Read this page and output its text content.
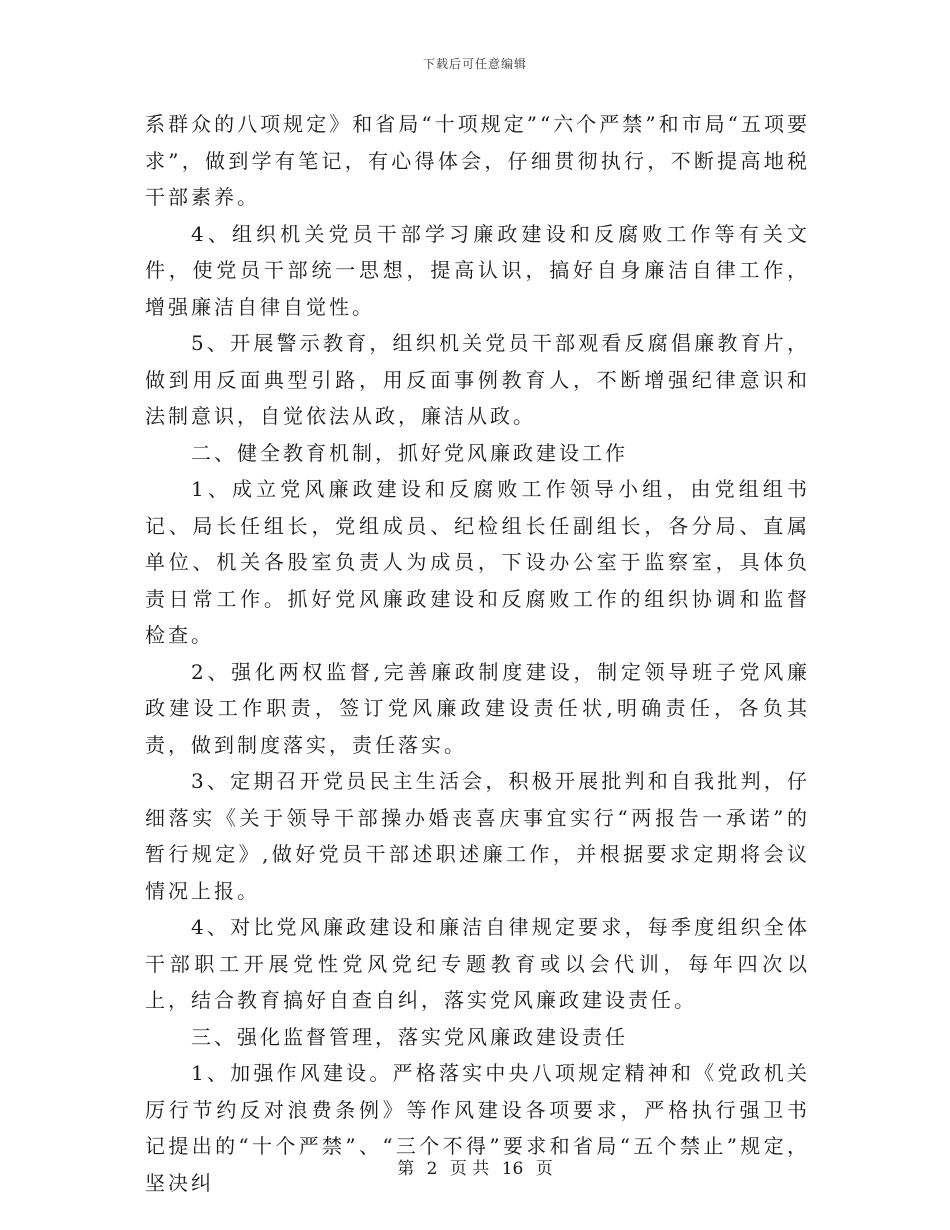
下载后可任意编辑

系群众的八项规定》和省局“十项规定”“六个严禁”和市局“五项要求”，做到学有笔记，有心得体会，仔细贯彻执行，不断提高地税干部素养。

4、组织机关党员干部学习廉政建设和反腐败工作等有关文件，使党员干部统一思想，提高认识，搞好自身廉洁自律工作，增强廉洁自律自觉性。

5、开展警示教育，组织机关党员干部观看反腐倡廉教育片，做到用反面典型引路，用反面事例教育人，不断增强纪律意识和法制意识，自觉依法从政，廉洁从政。

二、健全教育机制，抓好党风廉政建设工作

1、成立党风廉政建设和反腐败工作领导小组，由党组组书记、局长任组长，党组成员、纪检组长任副组长，各分局、直属单位、机关各股室负责人为成员，下设办公室于监察室，具体负责日常工作。抓好党风廉政建设和反腐败工作的组织协调和监督检查。

2、强化两权监督,完善廉政制度建设，制定领导班子党风廉政建设工作职责，签订党风廉政建设责任状,明确责任，各负其责，做到制度落实，责任落实。

3、定期召开党员民主生活会，积极开展批判和自我批判，仔细落实《关于领导干部操办婚丧喜庆事宜实行“两报告一承诺”的暂行规定》,做好党员干部述职述廉工作，并根据要求定期将会议情况上报。

4、对比党风廉政建设和廉洁自律规定要求，每季度组织全体干部职工开展党性党风党纪专题教育或以会代训，每年四次以上，结合教育搞好自查自纠，落实党风廉政建设责任。

三、强化监督管理，落实党风廉政建设责任

1、加强作风建设。严格落实中央八项规定精神和《党政机关厉行节约反对浪费条例》等作风建设各项要求，严格执行强卫书记提出的“十个严禁”、“三个不得”要求和省局“五个禁止”规定，坚决纠

第 2 页 共 16 页
